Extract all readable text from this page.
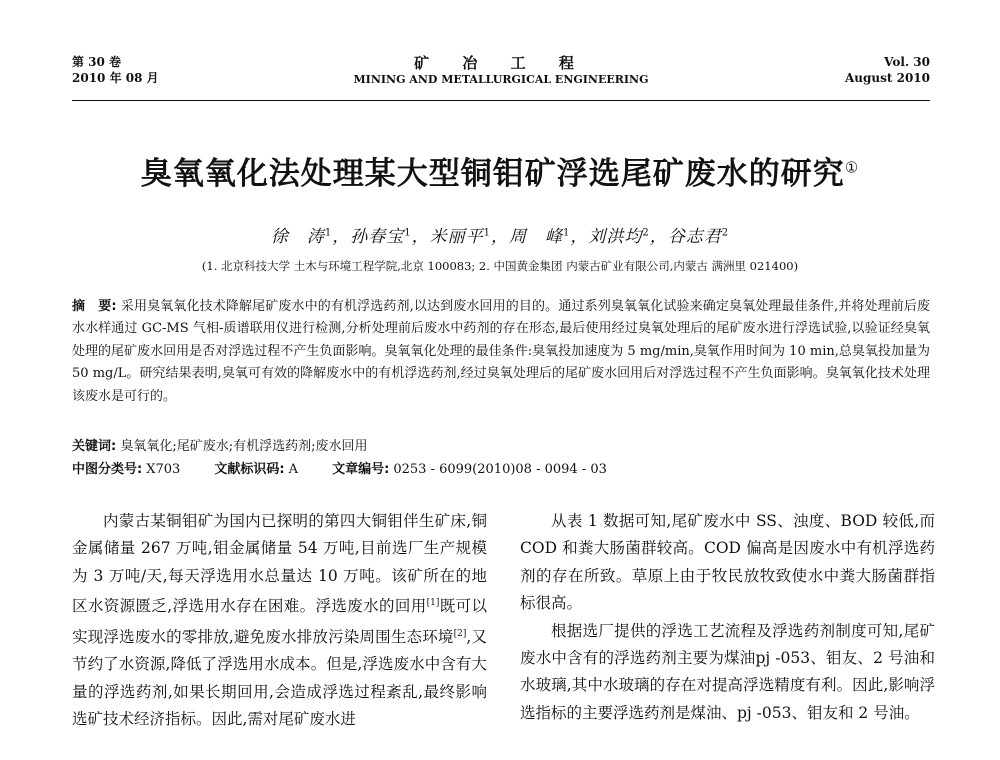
第 30 卷
2010 年 08 月
矿 冶 工 程
MINING AND METALLURGICAL ENGINEERING
Vol. 30
August 2010
臭氧氧化法处理某大型铜钼矿浮选尾矿废水的研究①
徐　涛$^1$，孙春宝$^1$，米丽平$^1$，周　峰$^1$，刘洪均$^2$，谷志君$^2$
(1. 北京科技大学 土木与环境工程学院,北京 100083; 2. 中国黄金集团 内蒙古矿业有限公司,内蒙古 满洲里 021400)
摘　要: 采用臭氧氧化技术降解尾矿废水中的有机浮选药剂,以达到废水回用的目的。通过系列臭氧氧化试验来确定臭氧处理最佳条件,并将处理前后废水水样通过 GC-MS 气相-质谱联用仪进行检测,分析处理前后废水中药剂的存在形态,最后使用经过臭氧处理后的尾矿废水进行浮选试验,以验证经臭氧处理的尾矿废水回用是否对浮选过程不产生负面影响。臭氧氧化处理的最佳条件:臭氧投加速度为 5 mg/min,臭氧作用时间为 10 min,总臭氧投加量为 50 mg/L。研究结果表明,臭氧可有效的降解废水中的有机浮选药剂,经过臭氧处理后的尾矿废水回用后对浮选过程不产生负面影响。臭氧氧化技术处理该废水是可行的。
关键词: 臭氧氧化;尾矿废水;有机浮选药剂;废水回用
中图分类号: X703	文献标识码: A	文章编号: 0253 - 6099(2010)08 - 0094 - 03

内蒙古某铜钼矿为国内已探明的第四大铜钼伴生矿床,铜金属储量 267 万吨,钼金属储量 54 万吨,目前选厂生产规模为 3 万吨/天,每天浮选用水总量达 10 万吨。该矿所在的地区水资源匮乏,浮选用水存在困难。浮选废水的回用[1]既可以实现浮选废水的零排放,避免废水排放污染周围生态环境[2],又节约了水资源,降低了浮选用水成本。但是,浮选废水中含有大量的浮选药剂,如果长期回用,会造成浮选过程紊乱,最终影响选矿技术经济指标。因此,需对尾矿废水进

从表 1 数据可知,尾矿废水中 SS、浊度、BOD 较低,而 COD 和粪大肠菌群较高。COD 偏高是因废水中有机浮选药剂的存在所致。草原上由于牧民放牧致使水中粪大肠菌群指标很高。

根据选厂提供的浮选工艺流程及浮选药剂制度可知,尾矿废水中含有的浮选药剂主要为煤油pj -053、钼友、2 号油和水玻璃,其中水玻璃的存在对提高浮选精度有利。因此,影响浮选指标的主要浮选药剂是煤油、pj -053、钼友和 2 号油。
